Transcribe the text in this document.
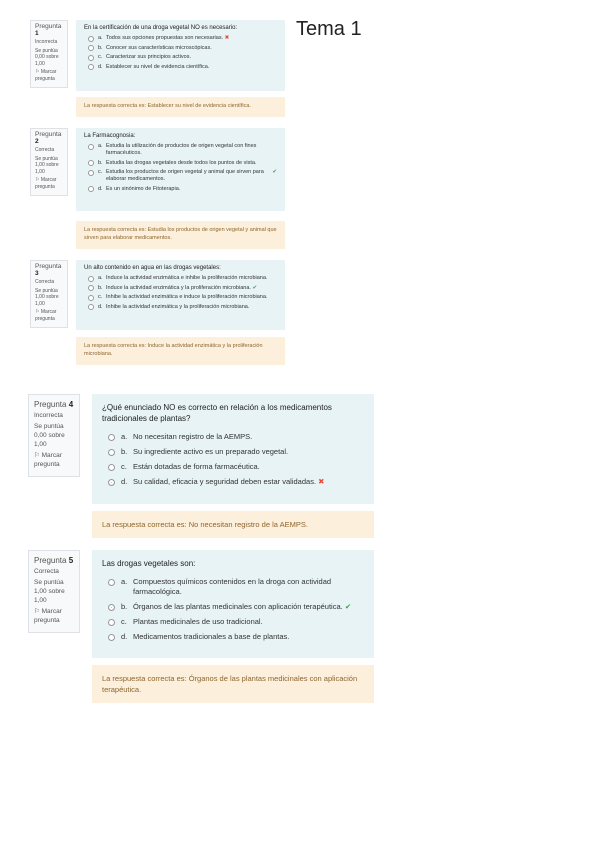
Tema 1
Pregunta 1
Incorrecta
Se puntúa 0,00 sobre 1,00
⚐ Marcar pregunta
En la certificación de una droga vegetal NO es necesario:
a. Todos sus opciones propuestas son necesarias.
✖
b. Conocer sus características microscópicas.
c. Caracterizar sus principios activos.
d. Establecer su nivel de evidencia científica.
La respuesta correcta es: Establecer su nivel de evidencia científica.
Pregunta 2
Correcta
Se puntúa 1,00 sobre 1,00
⚐ Marcar pregunta
La Farmacognosia:
a. Estudia la utilización de productos de origen vegetal con fines farmacéuticos.
b. Estudia las drogas vegetales desde todos los puntos de vista.
c. Estudia los productos de origen vegetal y animal que sirven para elaborar medicamentos.

✔
d. Es un sinónimo de Fitoterapia.
La respuesta correcta es: Estudia los productos de origen vegetal y animal que sirven para elaborar medicamentos.
Pregunta 3
Correcta
Se puntúa 1,00 sobre 1,00
⚐ Marcar pregunta
Un alto contenido en agua en las drogas vegetales:
a. Induce la actividad enzimática e inhibe la proliferación microbiana.
b. Induce la actividad enzimática y la proliferación microbiana.
✔
c. Inhibe la actividad enzimática e induce la proliferación microbiana.
d. Inhibe la actividad enzimática y la proliferación microbiana.
La respuesta correcta es: Induce la actividad enzimática y la proliferación microbiana.
Pregunta 4
Incorrecta
Se puntúa 0,00 sobre 1,00
⚐ Marcar pregunta
¿Qué enunciado NO es correcto en relación a los medicamentos tradicionales de plantas?
a. No necesitan registro de la AEMPS.
b. Su ingrediente activo es un preparado vegetal.
c. Están dotadas de forma farmacéutica.
d. Su calidad, eficacia y seguridad deben estar validadas.
✖
La respuesta correcta es: No necesitan registro de la AEMPS.
Pregunta 5
Correcta
Se puntúa 1,00 sobre 1,00
⚐ Marcar pregunta
Las drogas vegetales son:
a. Compuestos químicos contenidos en la droga con actividad farmacológica.
b. Órganos de las plantas medicinales con aplicación terapéutica.
✔
c. Plantas medicinales de uso tradicional.
d. Medicamentos tradicionales a base de plantas.
La respuesta correcta es: Órganos de las plantas medicinales con aplicación terapéutica.
